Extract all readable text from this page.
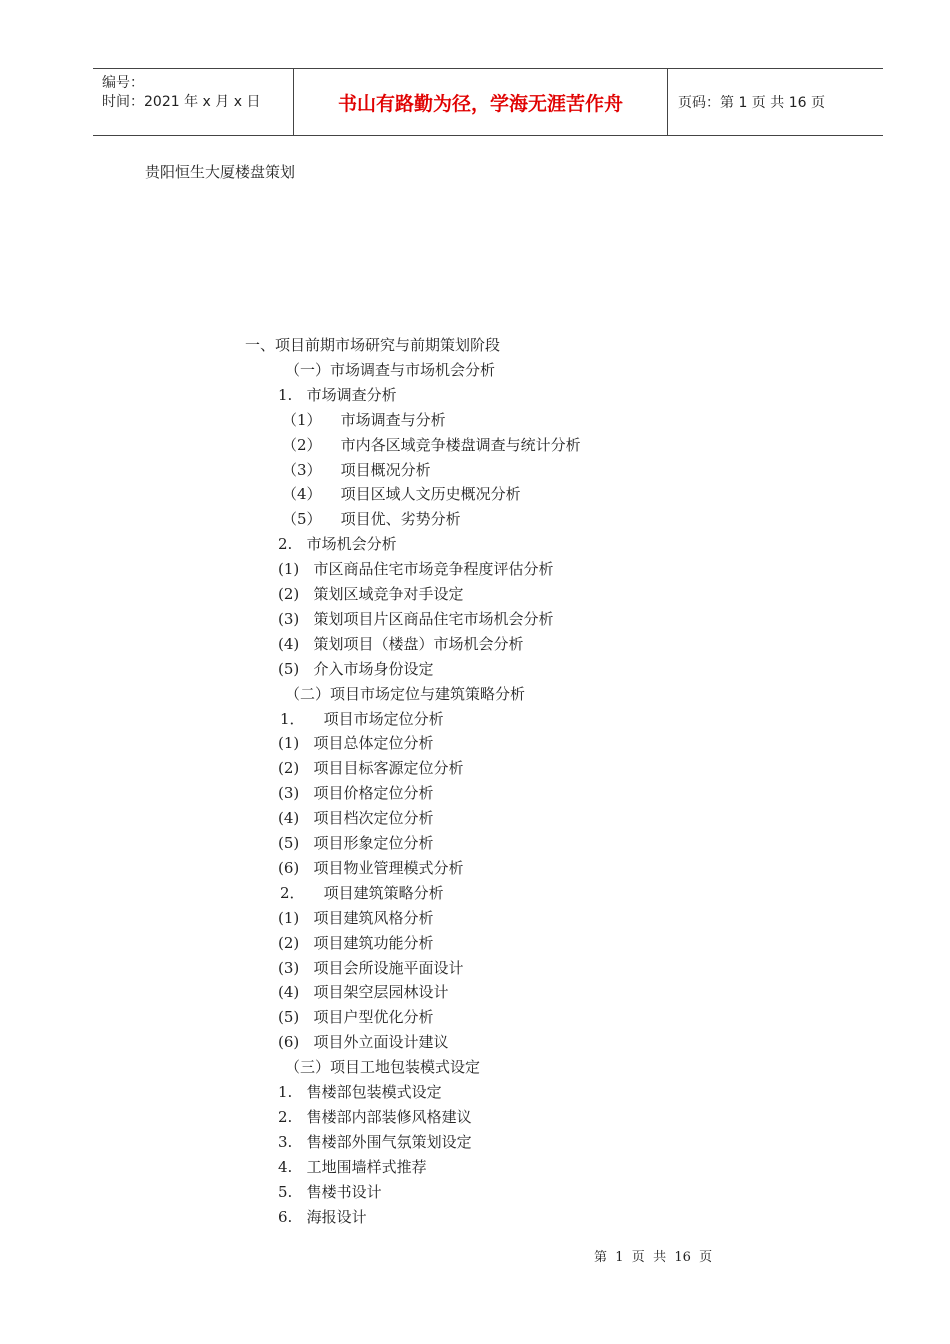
编号：
时间：2021 年 x 月 x 日	书山有路勤为径，学海无涯苦作舟	页码：第 1 页 共 16 页
贵阳恒生大厦楼盘策划
一、项目前期市场研究与前期策划阶段
（一）市场调查与市场机会分析
1.   市场调查分析
（1）    市场调查与分析
（2）    市内各区域竞争楼盘调查与统计分析
（3）    项目概况分析
（4）    项目区域人文历史概况分析
（5）    项目优、劣势分析
2.   市场机会分析
(1)   市区商品住宅市场竞争程度评估分析
(2)   策划区域竞争对手设定
(3)   策划项目片区商品住宅市场机会分析
(4)   策划项目（楼盘）市场机会分析
(5)   介入市场身份设定
（二）项目市场定位与建筑策略分析
1．    项目市场定位分析
(1)   项目总体定位分析
(2)   项目目标客源定位分析
(3)   项目价格定位分析
(4)   项目档次定位分析
(5)   项目形象定位分析
(6)   项目物业管理模式分析
2．    项目建筑策略分析
(1)   项目建筑风格分析
(2)   项目建筑功能分析
(3)   项目会所设施平面设计
(4)   项目架空层园林设计
(5)   项目户型优化分析
(6)   项目外立面设计建议
（三）项目工地包装模式设定
1.   售楼部包装模式设定
2.   售楼部内部装修风格建议
3.   售楼部外围气氛策划设定
4.   工地围墙样式推荐
5.   售楼书设计
6.   海报设计
第  1  页  共  16  页
